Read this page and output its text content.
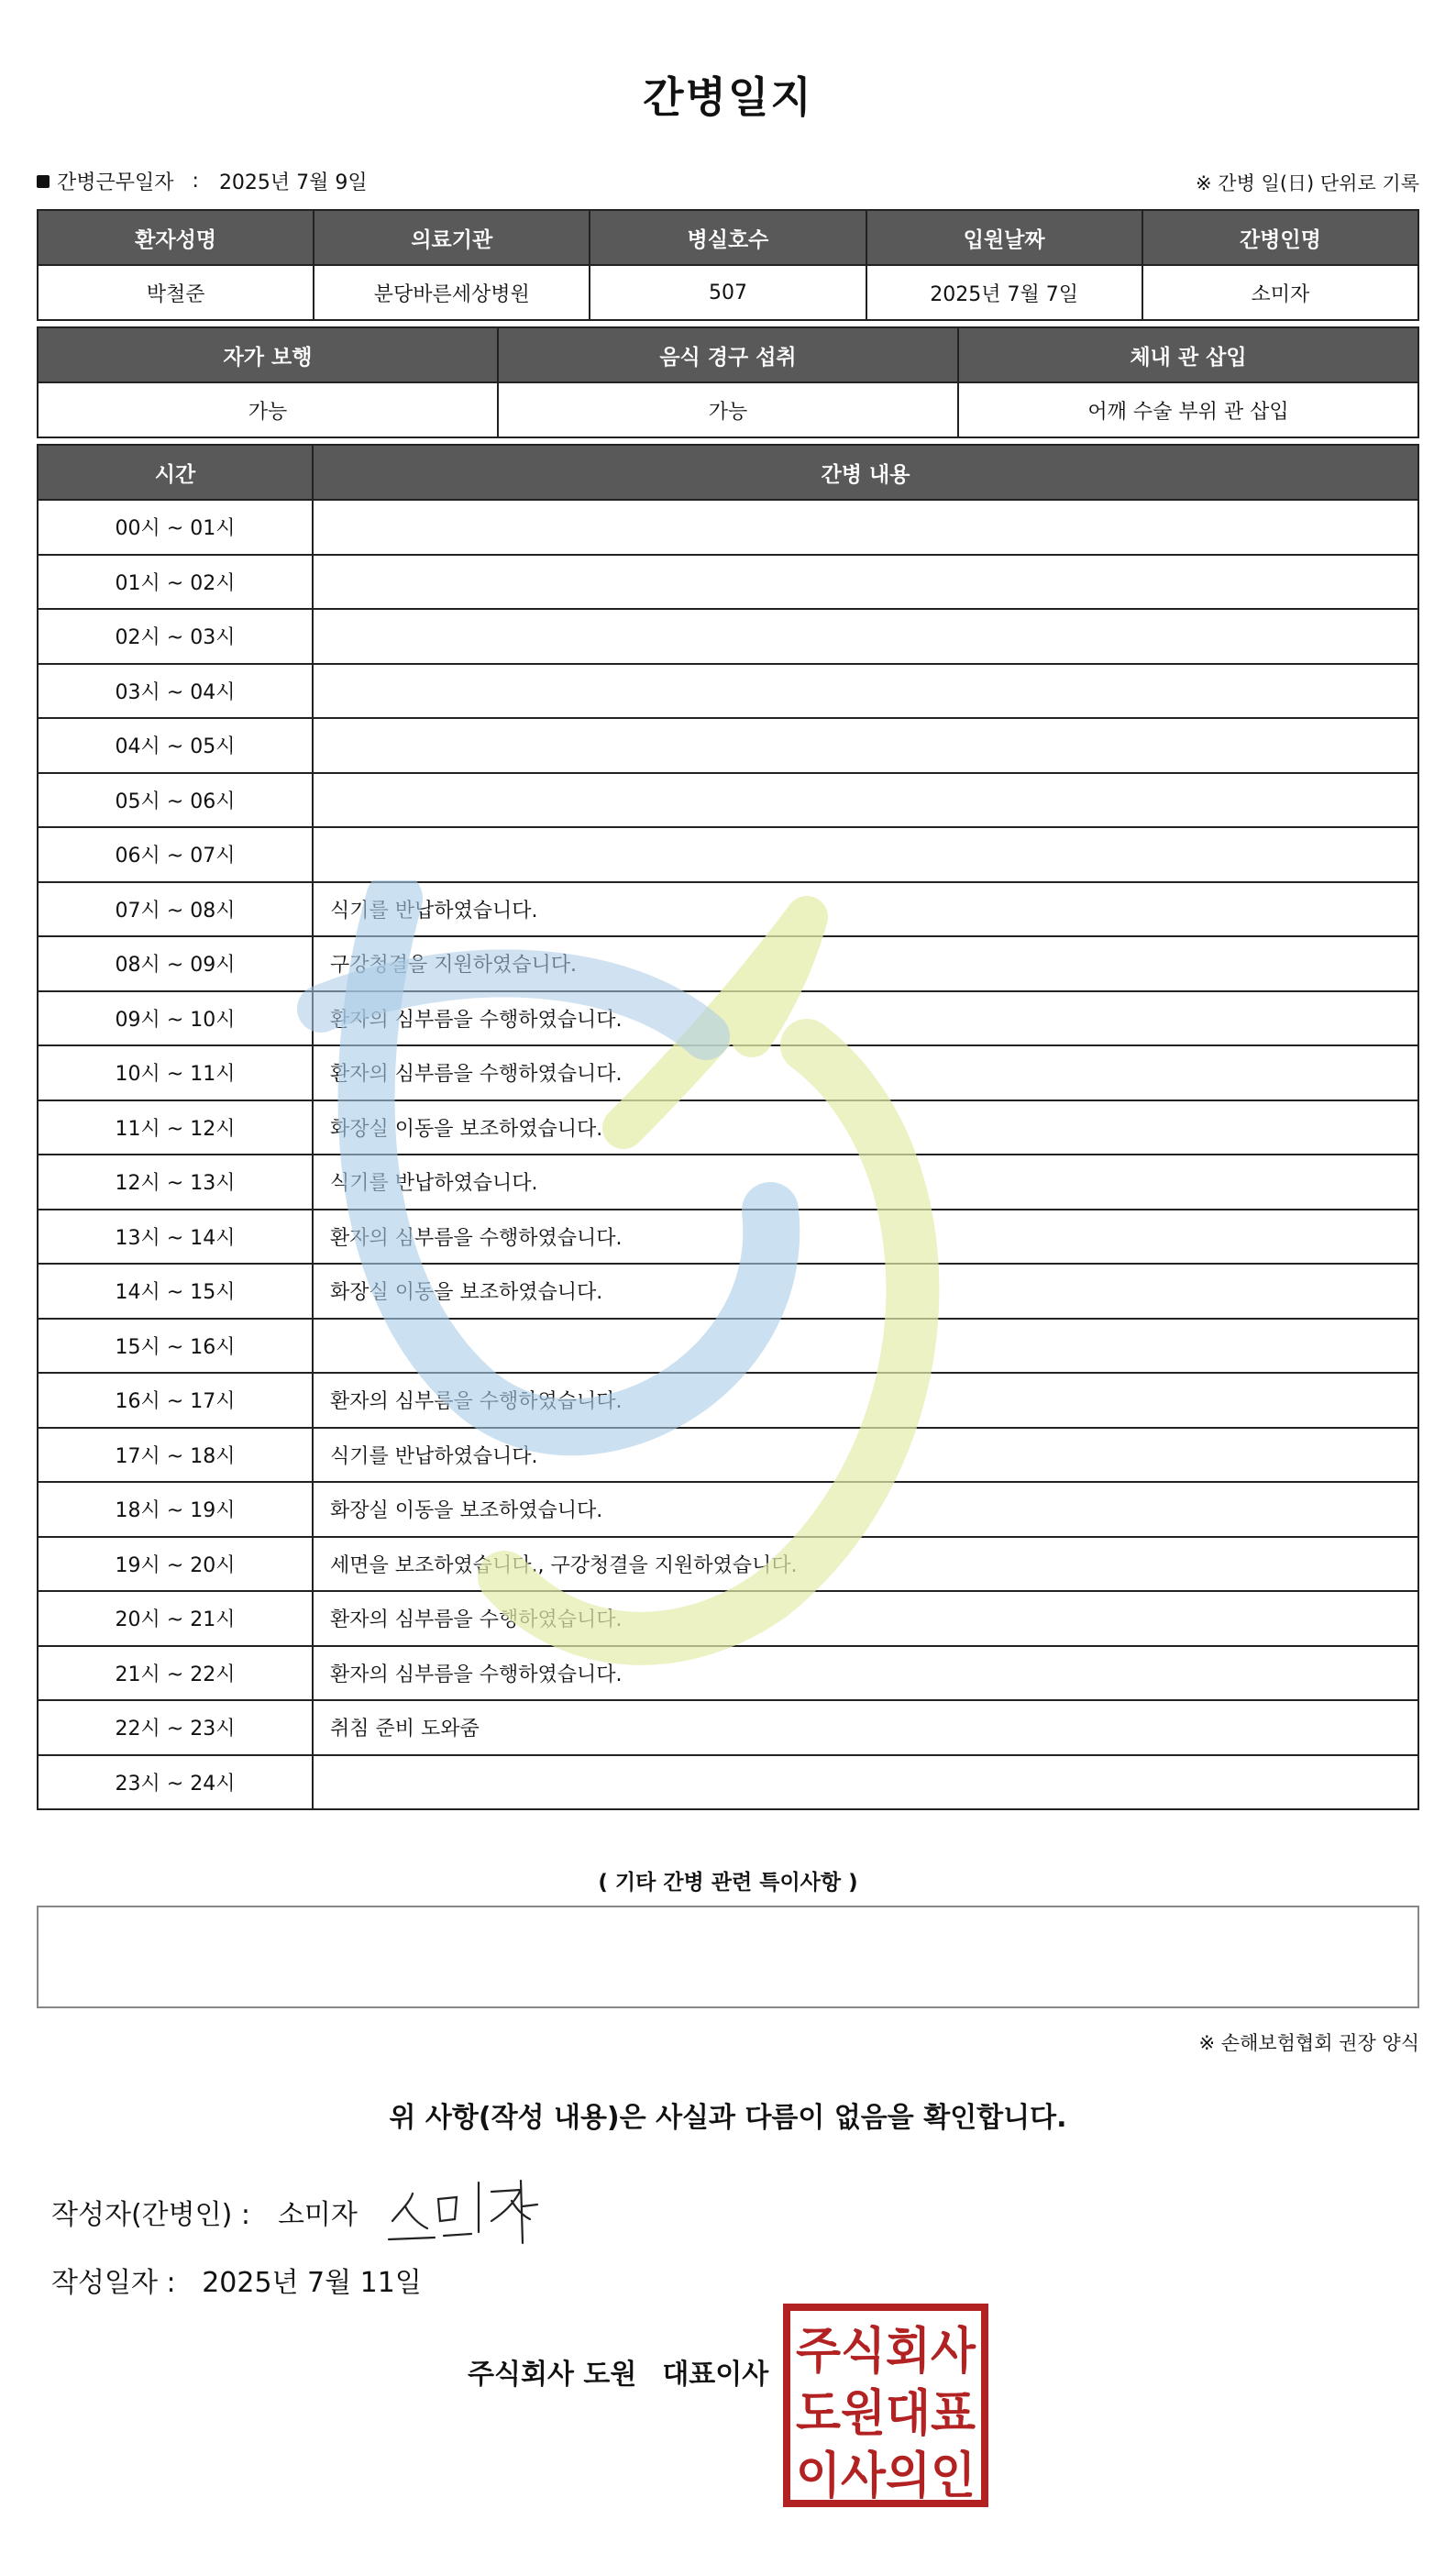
간병일지
간병근무일자 : 2025년 7월 9일	※ 간병 일(日) 단위로 기록
환자성명	의료기관	병실호수	입원날짜	간병인명
박철준	분당바른세상병원	507	2025년 7월 7일	소미자
자가 보행	음식 경구 섭취	체내 관 삽입
가능	가능	어깨 수술 부위 관 삽입
시간	간병 내용
00시 ~ 01시	
01시 ~ 02시	
02시 ~ 03시	
03시 ~ 04시	
04시 ~ 05시	
05시 ~ 06시	
06시 ~ 07시	
07시 ~ 08시	식기를 반납하였습니다.
08시 ~ 09시	구강청결을 지원하였습니다.
09시 ~ 10시	환자의 심부름을 수행하였습니다.
10시 ~ 11시	환자의 심부름을 수행하였습니다.
11시 ~ 12시	화장실 이동을 보조하였습니다.
12시 ~ 13시	식기를 반납하였습니다.
13시 ~ 14시	환자의 심부름을 수행하였습니다.
14시 ~ 15시	화장실 이동을 보조하였습니다.
15시 ~ 16시	
16시 ~ 17시	환자의 심부름을 수행하였습니다.
17시 ~ 18시	식기를 반납하였습니다.
18시 ~ 19시	화장실 이동을 보조하였습니다.
19시 ~ 20시	세면을 보조하였습니다., 구강청결을 지원하였습니다.
20시 ~ 21시	환자의 심부름을 수행하였습니다.
21시 ~ 22시	환자의 심부름을 수행하였습니다.
22시 ~ 23시	취침 준비 도와줌
23시 ~ 24시	
( 기타 간병 관련 특이사항 )
※ 손해보험협회 권장 양식
위 사항(작성 내용)은 사실과 다름이 없음을 확인합니다.
작성자(간병인) : 소미자
작성일자 : 2025년 7월 11일
주식회사 도원 대표이사 주식회사
도원대표
이사의인
